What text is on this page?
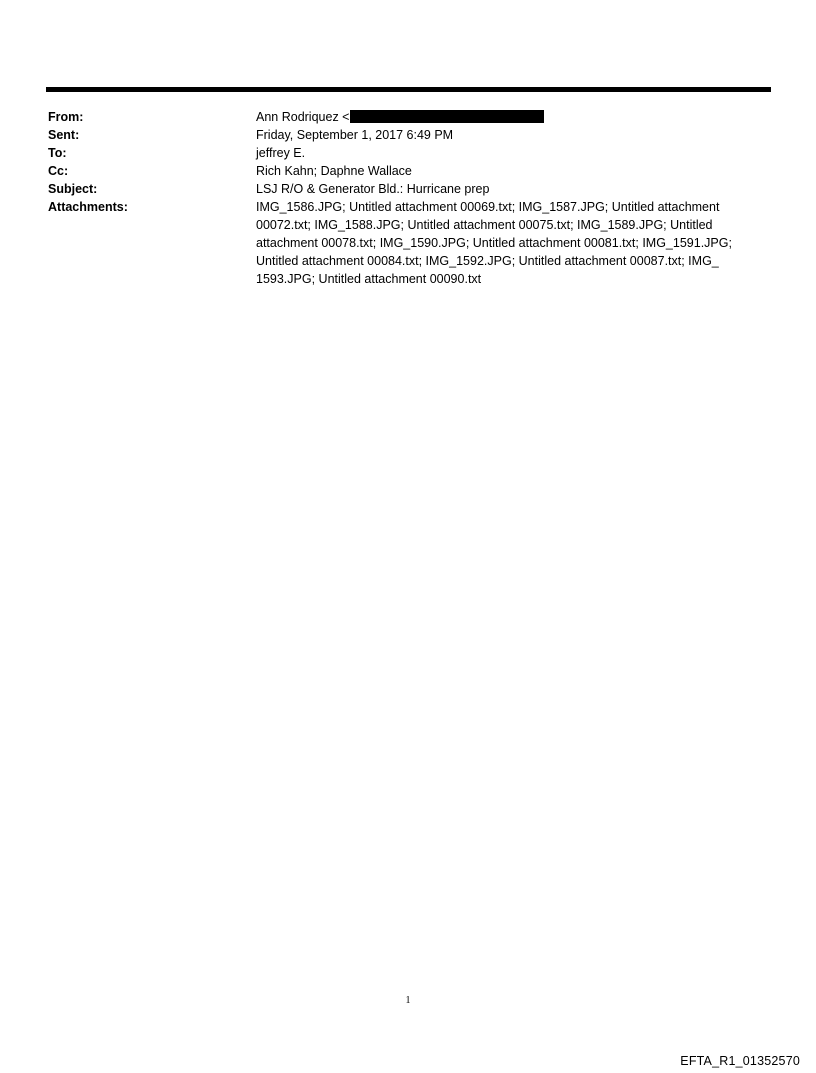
From:	Ann Rodriquez <
Sent:	Friday, September 1, 2017 6:49 PM
To:	jeffrey E.
Cc:	Rich Kahn; Daphne Wallace
Subject:	LSJ R/O & Generator Bld.: Hurricane prep
Attachments:	IMG_1586.JPG; Untitled attachment 00069.txt; IMG_1587.JPG; Untitled attachment 00072.txt; IMG_1588.JPG; Untitled attachment 00075.txt; IMG_1589.JPG; Untitled attachment 00078.txt; IMG_1590.JPG; Untitled attachment 00081.txt; IMG_1591.JPG; Untitled attachment 00084.txt; IMG_1592.JPG; Untitled attachment 00087.txt; IMG_ 1593.JPG; Untitled attachment 00090.txt
1
EFTA_R1_01352570
